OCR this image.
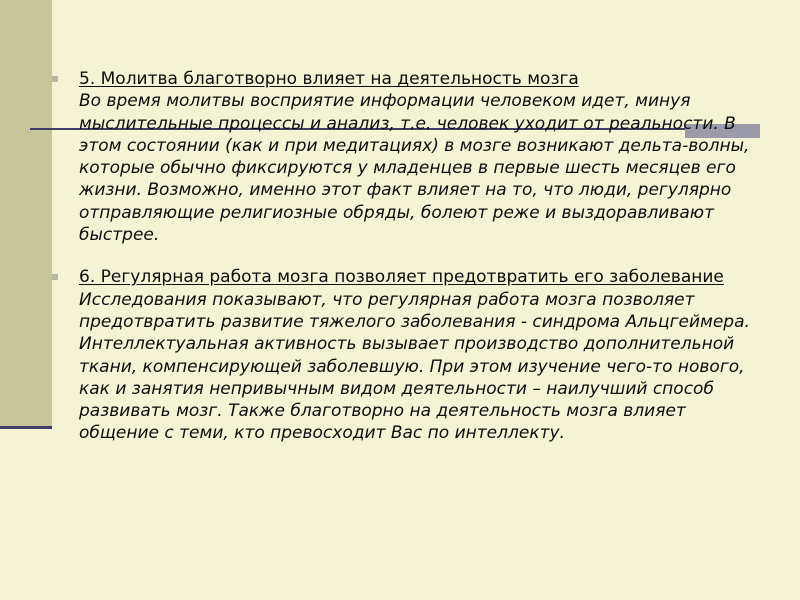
5. Молитва благотворно влияет на деятельность мозга
Во время молитвы восприятие информации человеком идет, минуя мыслительные процессы и анализ, т.е. человек уходит от реальности. В этом состоянии (как и при медитациях) в мозге возникают дельта-волны, которые обычно фиксируются у младенцев в первые шесть месяцев его жизни. Возможно, именно этот факт влияет на то, что люди, регулярно отправляющие религиозные обряды, болеют реже и выздоравливают быстрее.
6. Регулярная работа мозга позволяет предотвратить его заболевание
Исследования показывают, что регулярная работа мозга позволяет предотвратить развитие тяжелого заболевания - синдрома Альцгеймера. Интеллектуальная активность вызывает производство дополнительной ткани, компенсирующей заболевшую. При этом изучение чего-то нового, как и занятия непривычным видом деятельности – наилучший способ развивать мозг. Также благотворно на деятельность мозга влияет общение с теми, кто превосходит Вас по интеллекту.
